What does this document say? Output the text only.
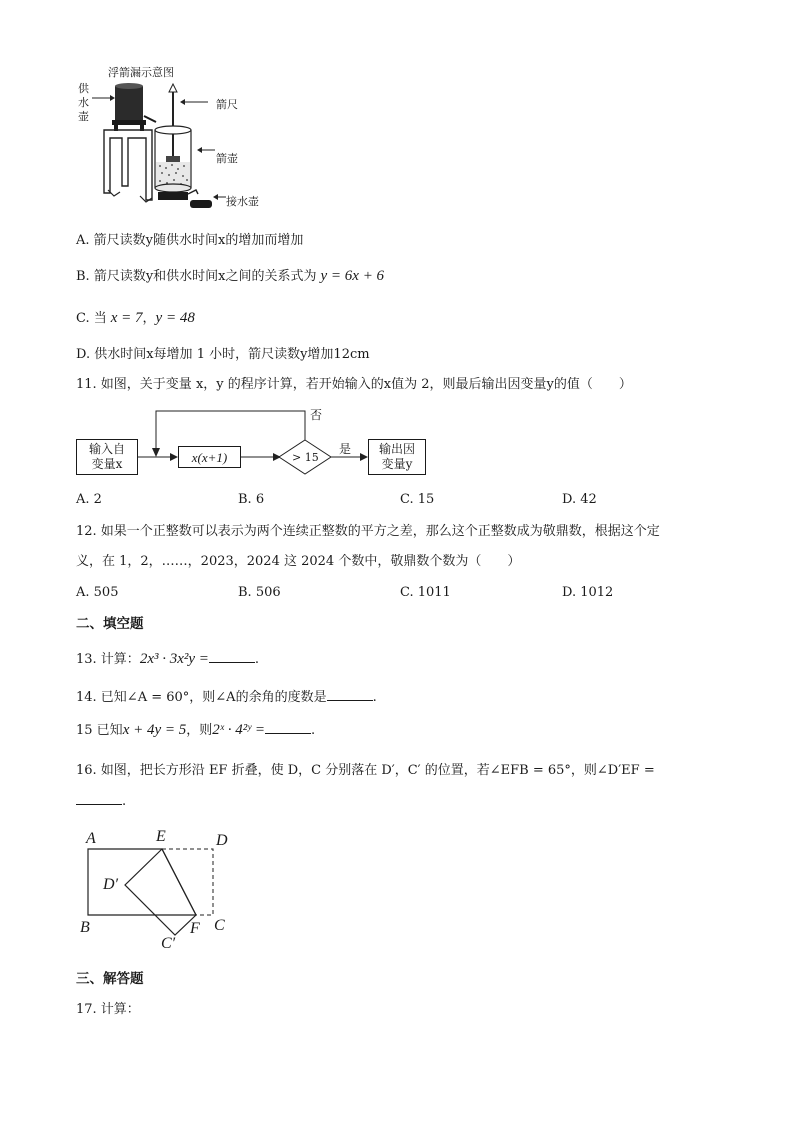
浮箭漏示意图
供
水
壶
箭尺
箭壶
接水壶
A. 箭尺读数y随供水时间x的增加而增加
B. 箭尺读数y和供水时间x之间的关系式为 y = 6x + 6
C. 当 x = 7，y = 48
D. 供水时间x每增加 1 小时，箭尺读数y增加12cm
11. 如图，关于变量 x，y 的程序计算，若开始输入的x值为 2，则最后输出因变量y的值（　　）
输入自
变量x	x(x+1)	> 15
是
否
输出因
变量y
A. 2	B. 6	C. 15	D. 42
12. 如果一个正整数可以表示为两个连续正整数的平方之差，那么这个正整数成为敬鼎数，根据这个定
义，在 1，2，……，2023，2024 这 2024 个数中，敬鼎数个数为（　　）
A. 505	B. 506	C. 1011	D. 1012
二、填空题
13. 计算：2x³ · 3x²y =	.
14. 已知∠A = 60°，则∠A的余角的度数是	.
15 已知x + 4y = 5，则2ˣ · 4²ʸ =	.
16. 如图，把长方形沿 EF 折叠，使 D，C 分别落在 D′，C′ 的位置，若∠EFB = 65°，则∠D′EF =
.
A	E	D
D′
B	C
F
C′
三、解答题
17. 计算：
